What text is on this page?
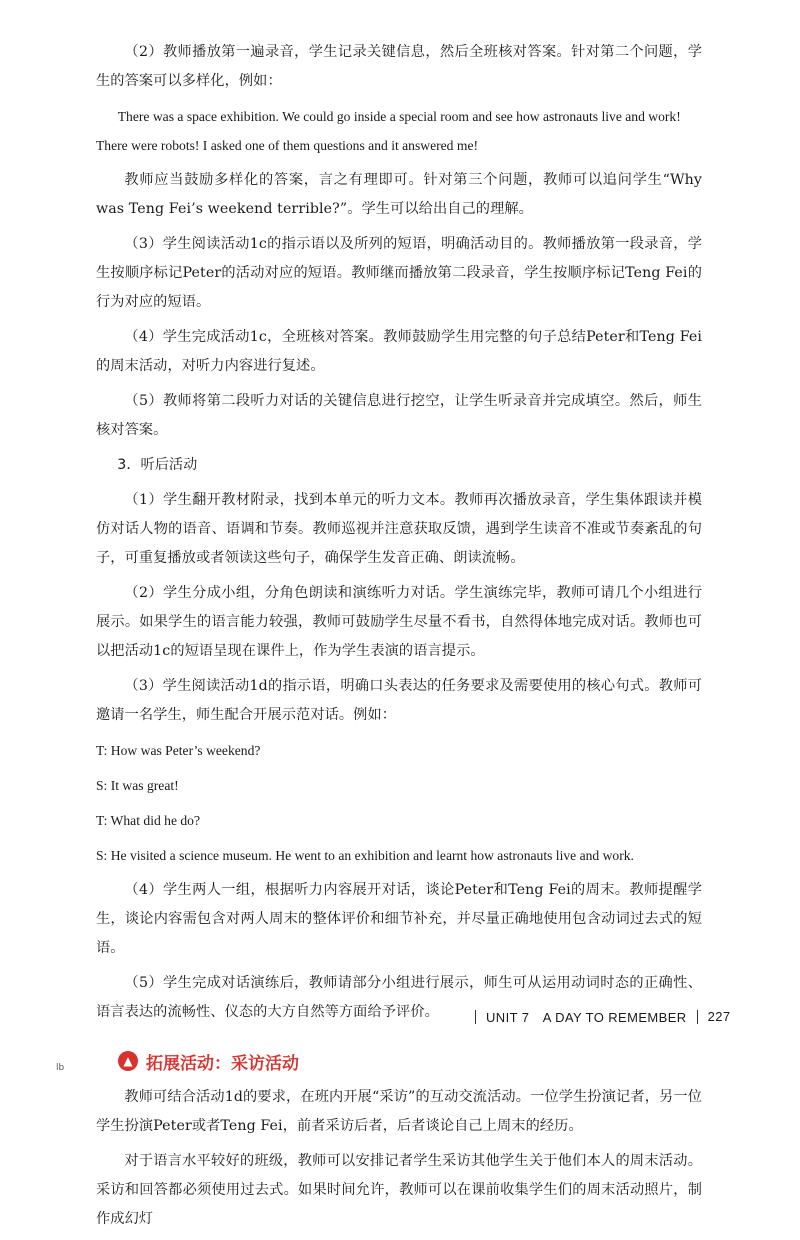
（2）教师播放第一遍录音，学生记录关键信息，然后全班核对答案。针对第二个问题，学生的答案可以多样化，例如：

There was a space exhibition. We could go inside a special room and see how astronauts live and work! There were robots! I asked one of them questions and it answered me!

教师应当鼓励多样化的答案，言之有理即可。针对第三个问题，教师可以追问学生“Why was Teng Fei’s weekend terrible?”。学生可以给出自己的理解。

（3）学生阅读活动1c的指示语以及所列的短语，明确活动目的。教师播放第一段录音，学生按顺序标记Peter的活动对应的短语。教师继而播放第二段录音，学生按顺序标记Teng Fei的行为对应的短语。

（4）学生完成活动1c，全班核对答案。教师鼓励学生用完整的句子总结Peter和Teng Fei的周末活动，对听力内容进行复述。

（5）教师将第二段听力对话的关键信息进行挖空，让学生听录音并完成填空。然后，师生核对答案。

3．听后活动

（1）学生翻开教材附录，找到本单元的听力文本。教师再次播放录音，学生集体跟读并模仿对话人物的语音、语调和节奏。教师巡视并注意获取反馈，遇到学生读音不准或节奏紊乱的句子，可重复播放或者领读这些句子，确保学生发音正确、朗读流畅。

（2）学生分成小组，分角色朗读和演练听力对话。学生演练完毕，教师可请几个小组进行展示。如果学生的语言能力较强，教师可鼓励学生尽量不看书，自然得体地完成对话。教师也可以把活动1c的短语呈现在课件上，作为学生表演的语言提示。

（3）学生阅读活动1d的指示语，明确口头表达的任务要求及需要使用的核心句式。教师可邀请一名学生，师生配合开展示范对话。例如：

T: How was Peter’s weekend?

S: It was great!

T: What did he do?

S: He visited a science museum. He went to an exhibition and learnt how astronauts live and work.

（4）学生两人一组，根据听力内容展开对话，谈论Peter和Teng Fei的周末。教师提醒学生，谈论内容需包含对两人周末的整体评价和细节补充，并尽量正确地使用包含动词过去式的短语。

（5）学生完成对话演练后，教师请部分小组进行展示，师生可从运用动词时态的正确性、语言表达的流畅性、仪态的大方自然等方面给予评价。

▲ 拓展活动：采访活动

教师可结合活动1d的要求，在班内开展“采访”的互动交流活动。一位学生扮演记者，另一位学生扮演Peter或者Teng Fei，前者采访后者，后者谈论自己上周末的经历。

对于语言水平较好的班级，教师可以安排记者学生采访其他学生关于他们本人的周末活动。采访和回答都必须使用过去式。如果时间允许，教师可以在课前收集学生们的周末活动照片，制作成幻灯

UNIT 7　A DAY TO REMEMBER 227
lb
